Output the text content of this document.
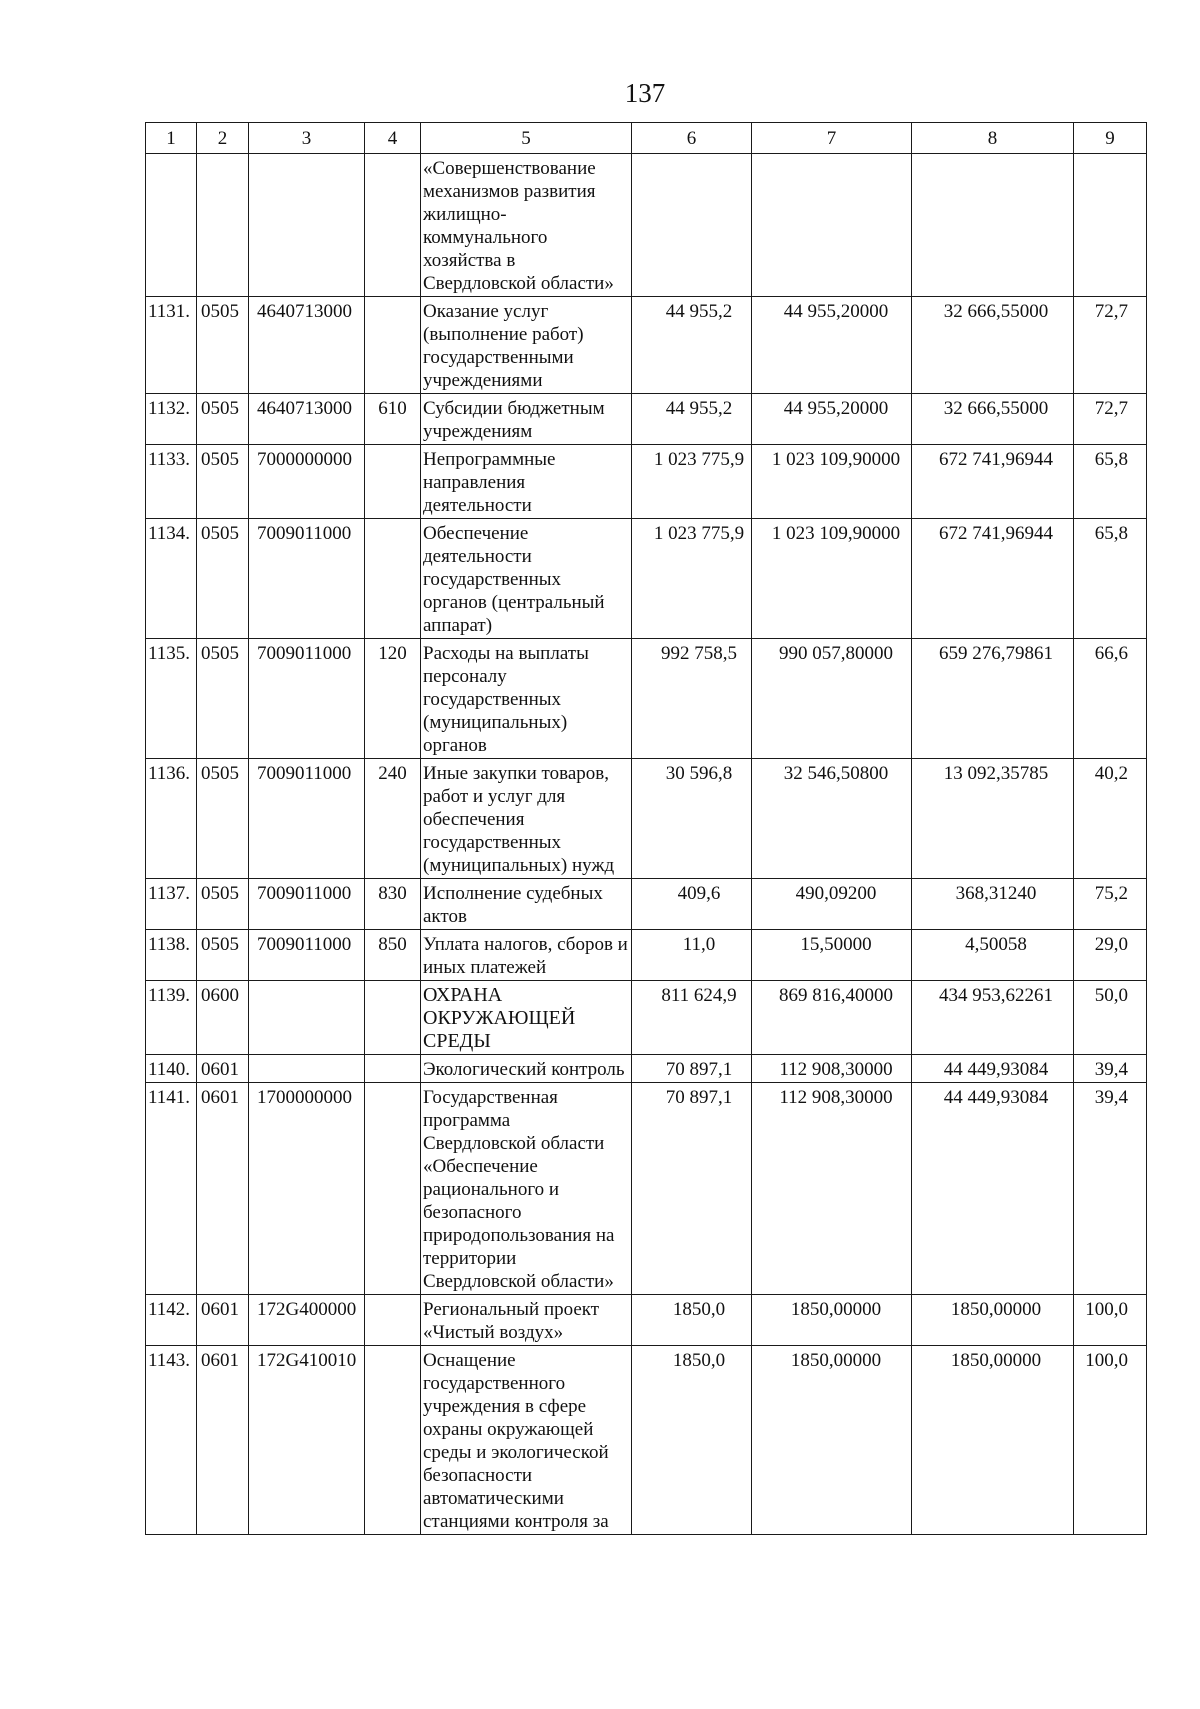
137
1	2	3	4	5	6	7	8	9
				«Совершенствование механизмов развития жилищно-коммунального хозяйства в Свердловской области»				
1131.	0505	4640713000		Оказание услуг (выполнение работ) государственными учреждениями	44 955,2	44 955,20000	32 666,55000	72,7
1132.	0505	4640713000	610	Субсидии бюджетным учреждениям	44 955,2	44 955,20000	32 666,55000	72,7
1133.	0505	7000000000		Непрограммные направления деятельности	1 023 775,9	1 023 109,90000	672 741,96944	65,8
1134.	0505	7009011000		Обеспечение деятельности государственных органов (центральный аппарат)	1 023 775,9	1 023 109,90000	672 741,96944	65,8
1135.	0505	7009011000	120	Расходы на выплаты персоналу государственных (муниципальных) органов	992 758,5	990 057,80000	659 276,79861	66,6
1136.	0505	7009011000	240	Иные закупки товаров, работ и услуг для обеспечения государственных (муниципальных) нужд	30 596,8	32 546,50800	13 092,35785	40,2
1137.	0505	7009011000	830	Исполнение судебных актов	409,6	490,09200	368,31240	75,2
1138.	0505	7009011000	850	Уплата налогов, сборов и иных платежей	11,0	15,50000	4,50058	29,0
1139.	0600			ОХРАНА ОКРУЖАЮЩЕЙ СРЕДЫ	811 624,9	869 816,40000	434 953,62261	50,0
1140.	0601			Экологический контроль	70 897,1	112 908,30000	44 449,93084	39,4
1141.	0601	1700000000		Государственная программа Свердловской области «Обеспечение рационального и безопасного природопользования на территории Свердловской области»	70 897,1	112 908,30000	44 449,93084	39,4
1142.	0601	172G400000		Региональный проект «Чистый воздух»	1850,0	1850,00000	1850,00000	100,0
1143.	0601	172G410010		Оснащение государственного учреждения в сфере охраны окружающей среды и экологической безопасности автоматическими станциями контроля за	1850,0	1850,00000	1850,00000	100,0
